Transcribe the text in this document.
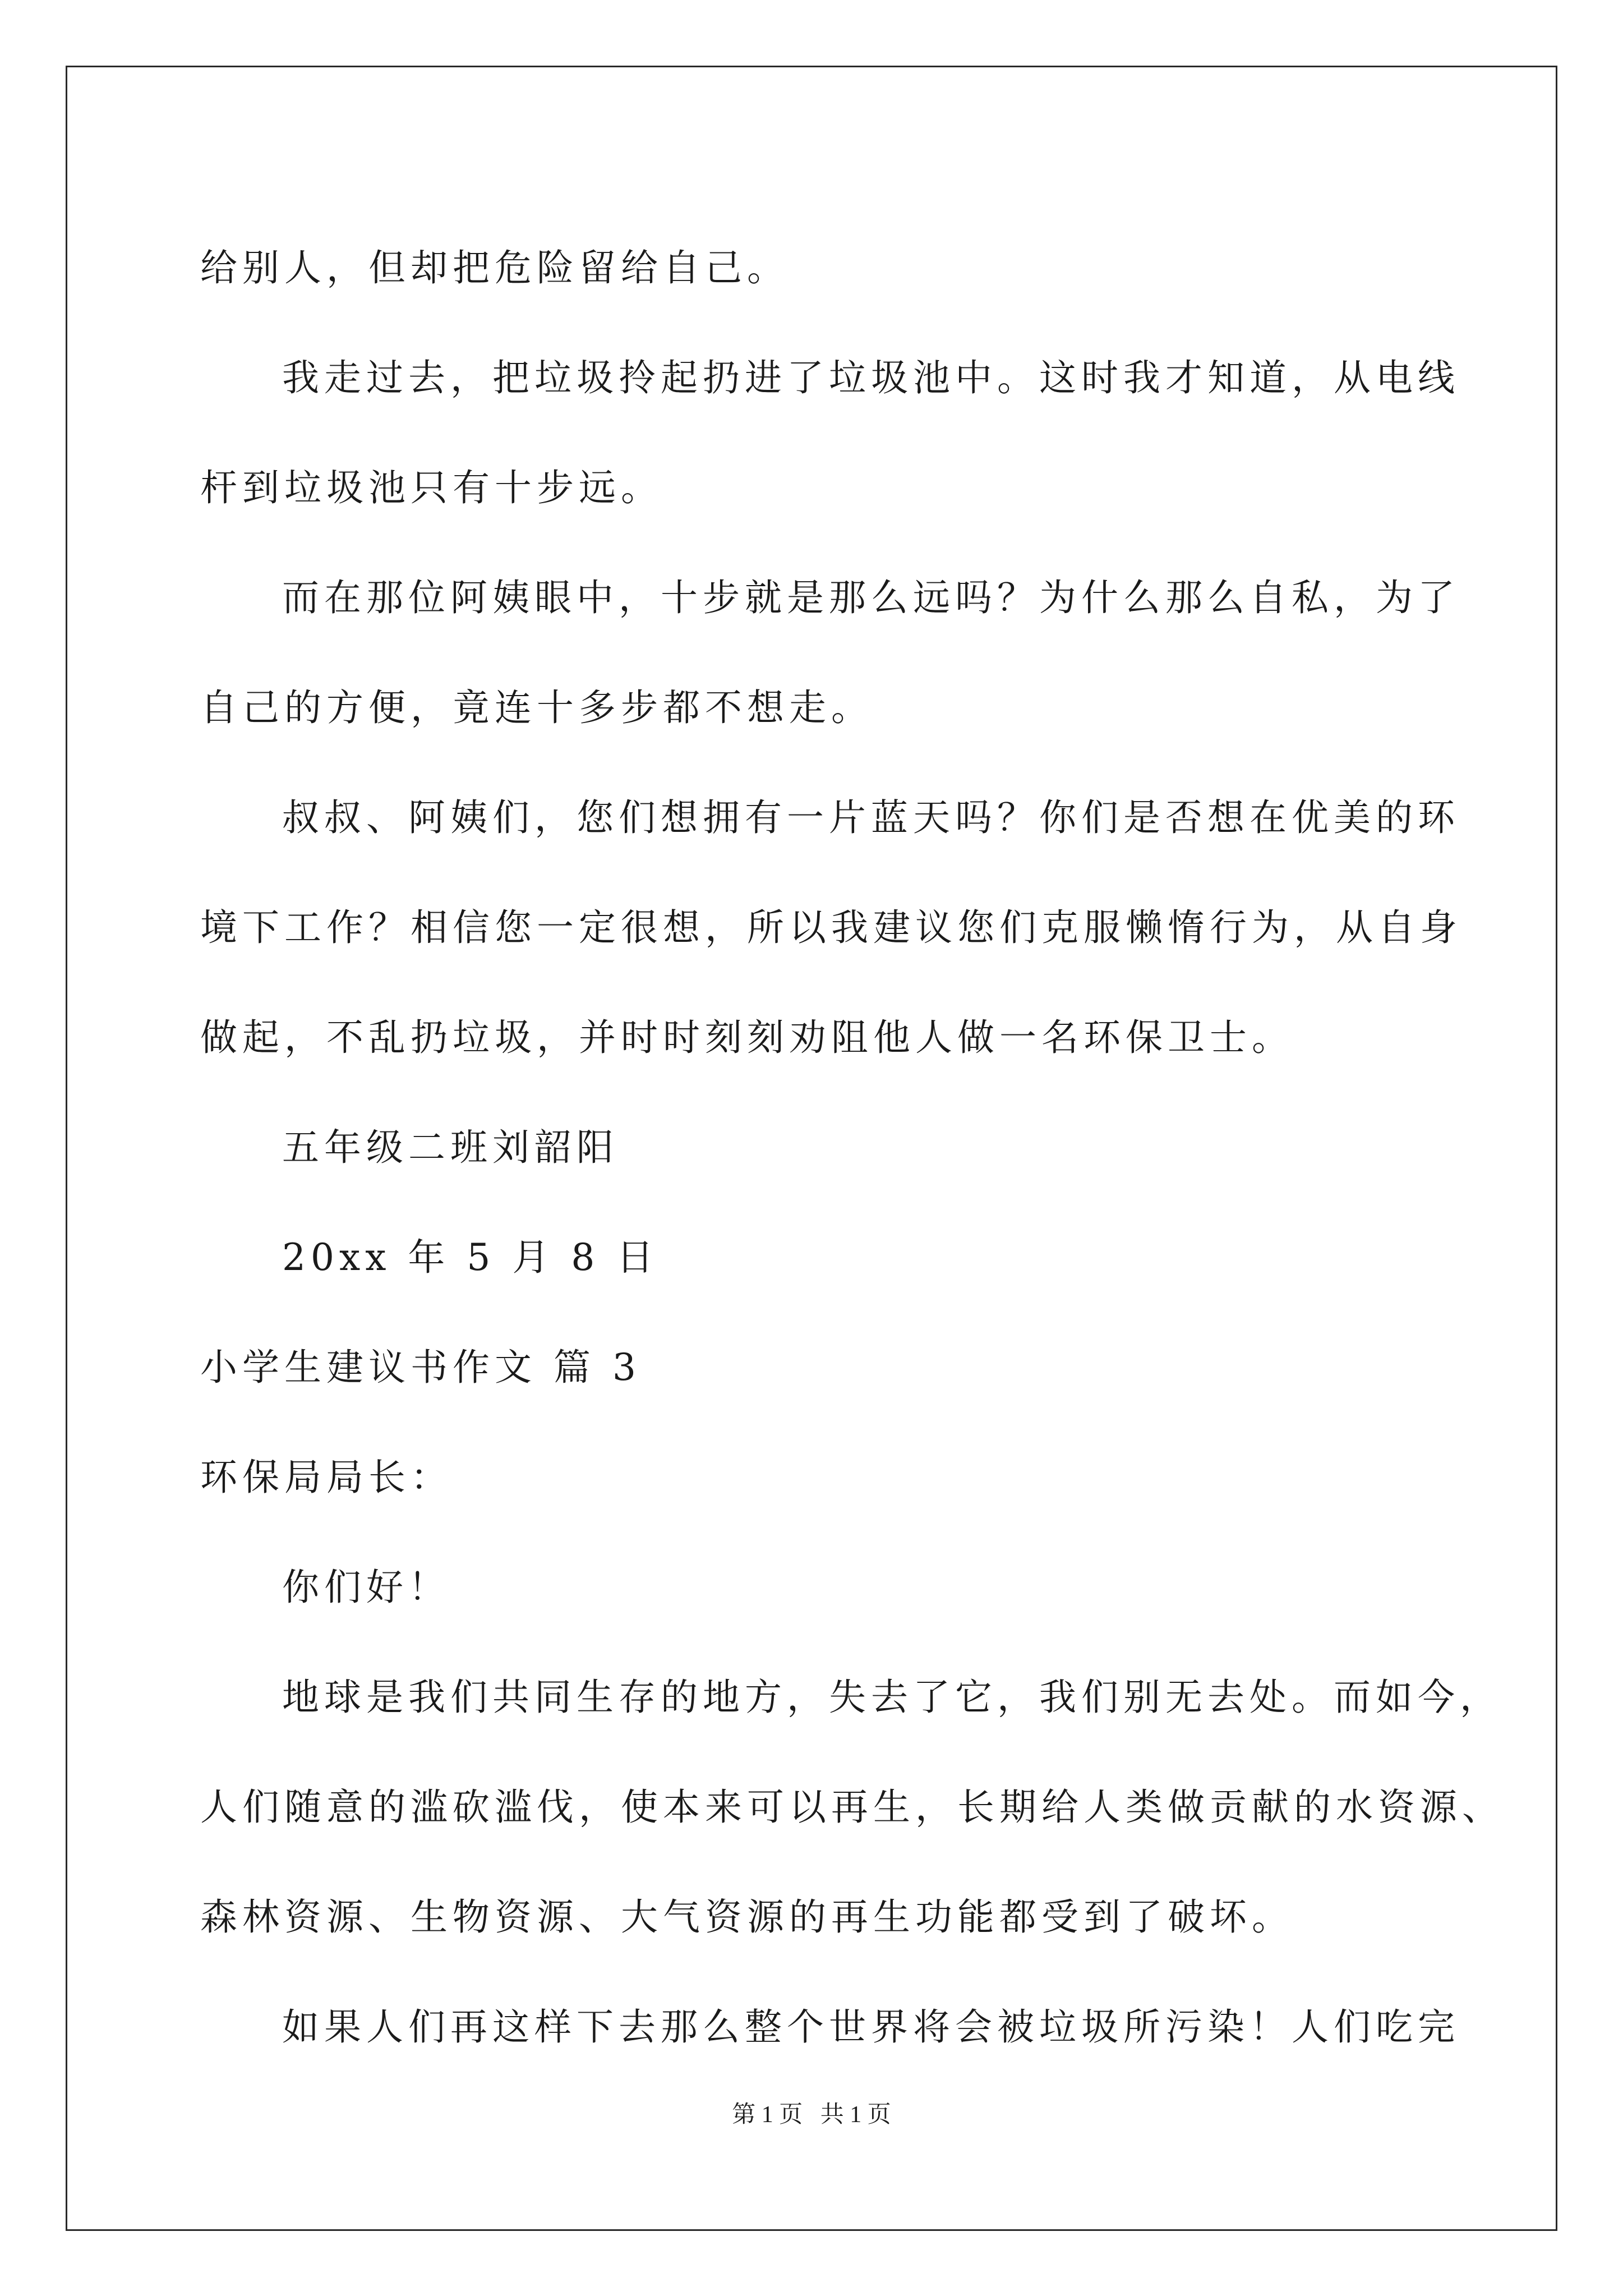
给别人，但却把危险留给自己。
我走过去，把垃圾拎起扔进了垃圾池中。这时我才知道，从电线
杆到垃圾池只有十步远。
而在那位阿姨眼中，十步就是那么远吗？为什么那么自私，为了
自己的方便，竟连十多步都不想走。
叔叔、阿姨们，您们想拥有一片蓝天吗？你们是否想在优美的环
境下工作？相信您一定很想，所以我建议您们克服懒惰行为，从自身
做起，不乱扔垃圾，并时时刻刻劝阻他人做一名环保卫士。
五年级二班刘韶阳
20xx 年 5 月 8 日
小学生建议书作文 篇 3
环保局局长：
你们好！
地球是我们共同生存的地方，失去了它，我们别无去处。而如今，
人们随意的滥砍滥伐，使本来可以再生，长期给人类做贡献的水资源、
森林资源、生物资源、大气资源的再生功能都受到了破坏。
如果人们再这样下去那么整个世界将会被垃圾所污染！人们吃完
第 1 页   共 1 页
